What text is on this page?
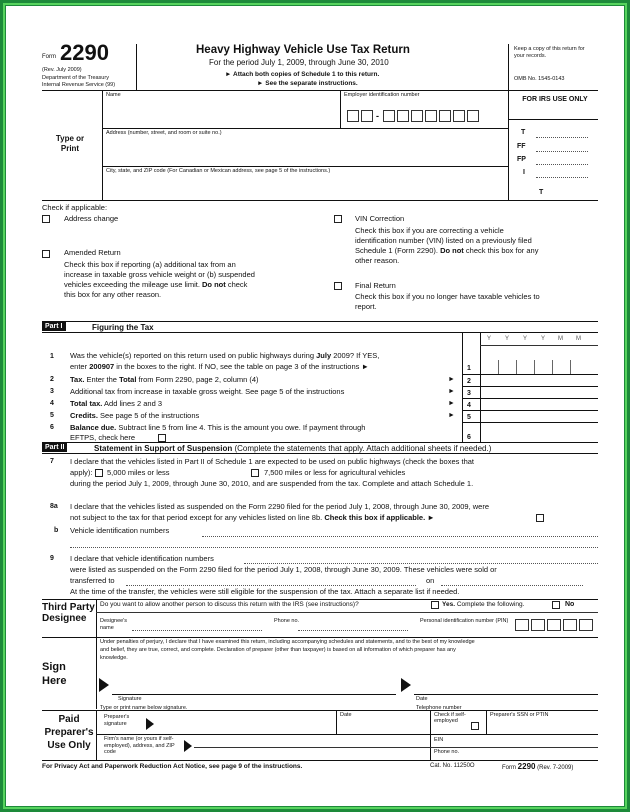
Form 2290
(Rev. July 2009)
Department of the Treasury
Internal Revenue Service (99)
Heavy Highway Vehicle Use Tax Return
For the period July 1, 2009, through June 30, 2010
► Attach both copies of Schedule 1 to this return.
► See the separate instructions.
Keep a copy of this return for your records.
OMB No. 1545-0143
Type or Print
Name	Employer identification number
-
Address (number, street, and room or suite no.)
City, state, and ZIP code (For Canadian or Mexican address, see page 5 of the instructions.)
FOR IRS USE ONLY
T
FF
FP
I
T
Check if applicable:
Address change
Amended Return
Check this box if reporting (a) additional tax from an
increase in taxable gross vehicle weight or (b) suspended
vehicles exceeding the mileage use limit. Do not check
this box for any other reason.
VIN Correction
Check this box if you are correcting a vehicle
identification number (VIN) listed on a previously filed
Schedule 1 (Form 2290). Do not check this box for any
other reason.
Final Return
Check this box if you no longer have taxable vehicles to
report.
Part I	Figuring the Tax
Y Y Y Y M M
1 Was the vehicle(s) reported on this return used on public highways during July 2009? If YES,
enter 200907 in the boxes to the right. If NO, see the table on page 3 of the instructions ►	1
2 Tax. Enter the Total from Form 2290, page 2, column (4)	► 2
3 Additional tax from increase in taxable gross weight. See page 5 of the instructions	► 3
4 Total tax. Add lines 2 and 3	► 4
5 Credits. See page 5 of the instructions	► 5
6 Balance due. Subtract line 5 from line 4. This is the amount you owe. If payment through
EFTPS, check here	6
Part II	Statement in Support of Suspension (Complete the statements that apply. Attach additional sheets if needed.)
7 I declare that the vehicles listed in Part II of Schedule 1 are expected to be used on public highways (check the boxes that
apply): 5,000 miles or less	7,500 miles or less for agricultural vehicles
during the period July 1, 2009, through June 30, 2010, and are suspended from the tax. Complete and attach Schedule 1.
8a I declare that the vehicles listed as suspended on the Form 2290 filed for the period July 1, 2008, through June 30, 2009, were
not subject to the tax for that period except for any vehicles listed on line 8b. Check this box if applicable. ►
b Vehicle identification numbers
9 I declare that vehicle identification numbers
were listed as suspended on the Form 2290 filed for the period July 1, 2008, through June 30, 2009. These vehicles were sold or
transferred to	on
At the time of the transfer, the vehicles were still eligible for the suspension of the tax. Attach a separate list if needed.
Third Party Designee
Do you want to allow another person to discuss this return with the IRS (see instructions)?	Yes. Complete the following.	No
Designee's name
Phone no.	Personal identification number (PIN)
Sign Here
Under penalties of perjury, I declare that I have examined this return, including accompanying schedules and statements, and to the best of my knowledge
and belief, they are true, correct, and complete. Declaration of preparer (other than taxpayer) is based on all information of which preparer has any
knowledge.
Signature	Date
Type or print name below signature.	Telephone number
Paid Preparer's Use Only
Preparer's signature
Date	Check if self-employed
Preparer's SSN or PTIN
Firm's name (or yours if self-employed), address, and ZIP code
EIN
Phone no.
For Privacy Act and Paperwork Reduction Act Notice, see page 9 of the instructions.	Cat. No. 11250O	Form 2290 (Rev. 7-2009)
